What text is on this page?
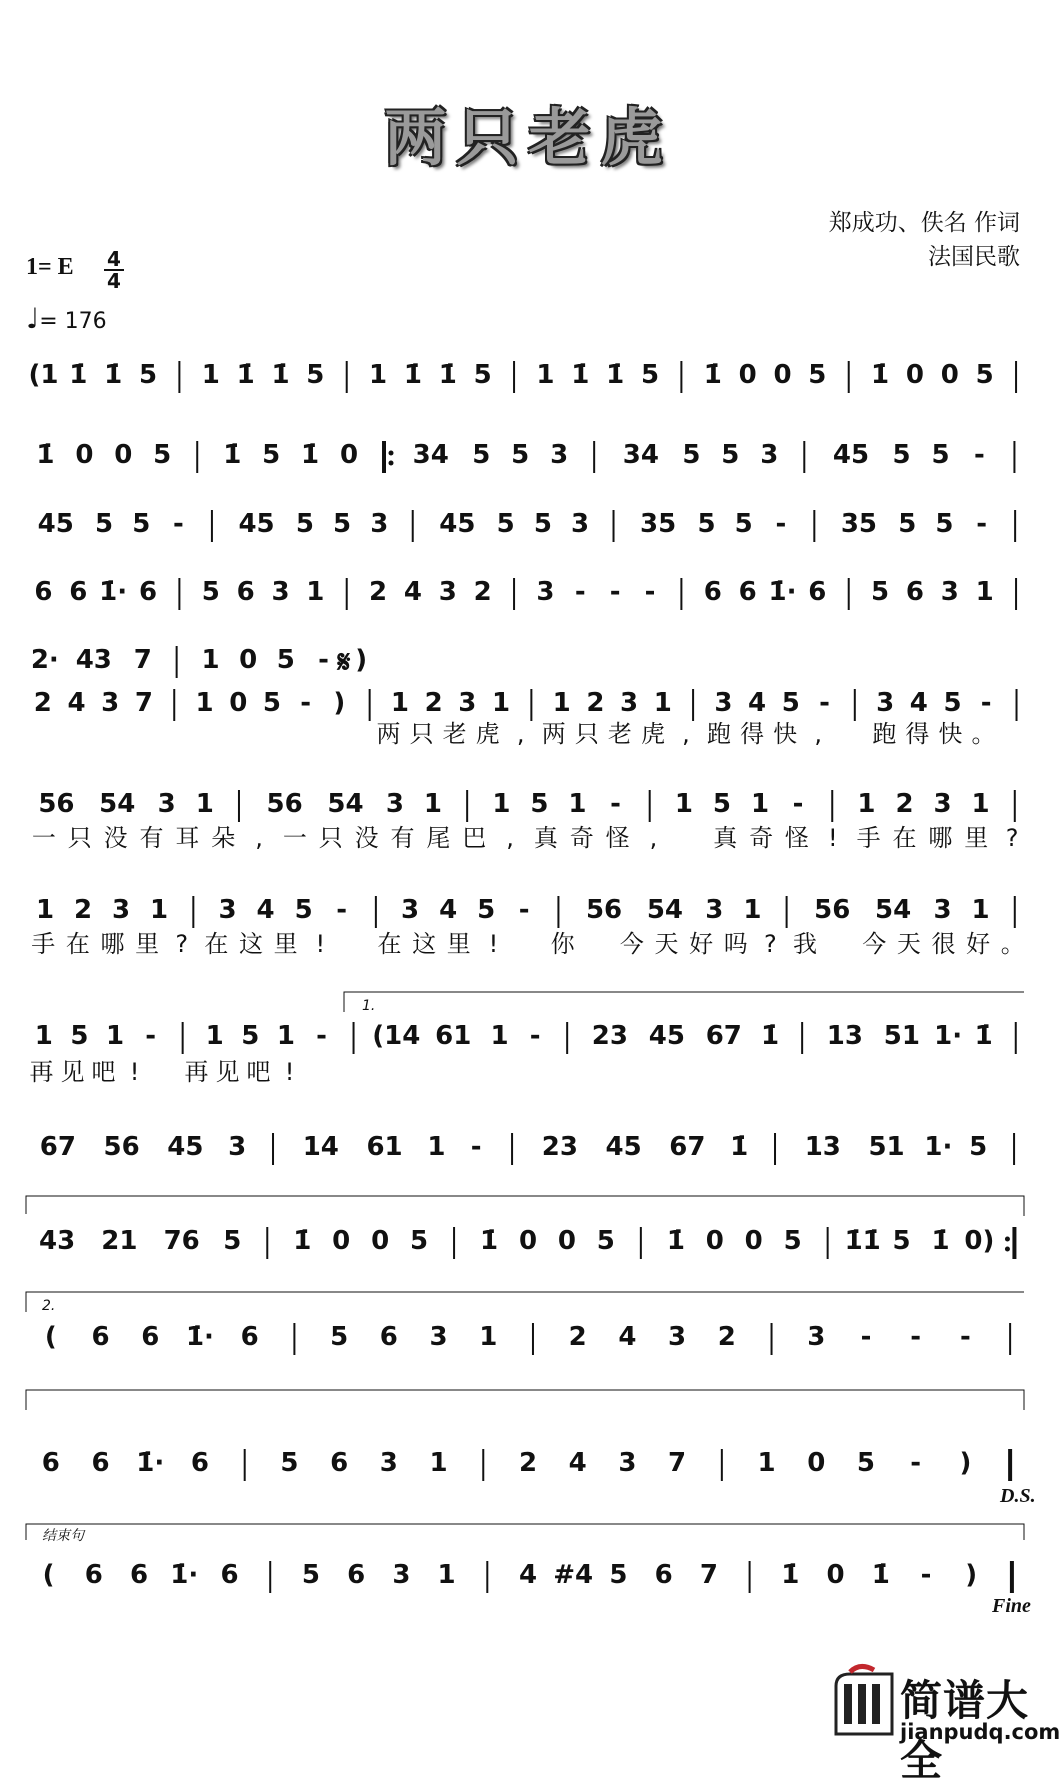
两只老虎
郑成功、佚名 作词
法国民歌
1= E 4
4
♩= 176
(1 1̇ 1̇ 5 1 1̇ 1̇ 5 1 1̇ 1̇ 5 1 1̇ 1̇ 5 1̇ 0 0 5 1̇ 0 0 5
1̇ 0 0 5 1̇ 5 1̇ 0 34 5 5 3 34 5 5 3 45 5 5 -
45 5 5 - 45 5 5 3 45 5 5 3 35 5 5 - 35 5 5 -
6 6 1̇· 6 5 6 3 1 2 4 3 2 3 - - - 6 6 1̇· 6 5 6 3 1
2· 43 7 1 0 5 - )
2 4 3 7 1 0 5 - ) 1 2 3 1 1 2 3 1 3 4 5 - 3 4 5 -
56 54 3 1 56 54 3 1 1 5 1 - 1 5 1 - 1 2 3 1
1 2 3 1 3 4 5 - 3 4 5 - 56 54 3 1 56 54 3 1
1 5 1 - 1 5 1 - (14 61 1 - 23 45 67 1̇ 13 51 1· 1̇
67 56 45 3 14 61 1 - 23 45 67 1̇ 13 51 1· 5
43 21 76 5 1̇ 0 0 5 1̇ 0 0 5 1̇ 0 0 5 1̇1̇ 5 1̇ 0)
( 6 6 1̇· 6	5 6 3 1	2 4 3 2	3 - - -
6 6 1̇· 6	5 6 3 1	2 4 3 7	1 0 5 - )
( 6 6 1̇· 6 5 6 3 1 4 #4 5 6 7 1̇ 0 1̇ - )
两 只 老 虎 , 两 只 老 虎 , 跑 得 快 , 跑 得 快 。
一 只 没 有 耳 朵 , 一 只 没 有 尾 巴 , 真 奇 怪 , 真 奇 怪 ! 手 在 哪 里 ?
手 在 哪 里 ? 在 这 里 ! 在 这 里 ! 你 今 天 好 吗 ? 我 今 天 很 好 。
再 见 吧 ! 再 见 吧 !
1.
2.
结束句
𝄋
D.S.
Fine
简谱大全
jianpudq.com
